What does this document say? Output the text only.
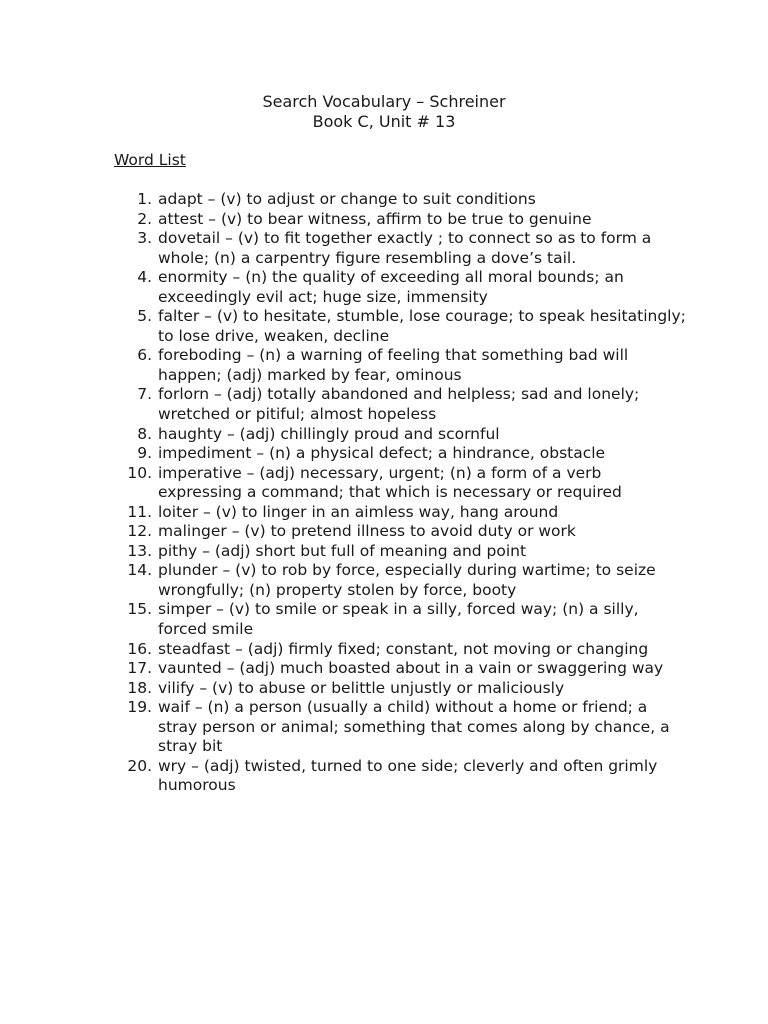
Search Vocabulary – Schreiner
Book C, Unit # 13
Word List
1. adapt – (v) to adjust or change to suit conditions
2. attest – (v) to bear witness, affirm to be true to genuine
3. dovetail – (v) to fit together exactly ; to connect so as to form a whole; (n) a carpentry figure resembling a dove’s tail.
4. enormity – (n) the quality of exceeding all moral bounds; an exceedingly evil act; huge size, immensity
5. falter – (v) to hesitate, stumble, lose courage; to speak hesitatingly; to lose drive, weaken, decline
6. foreboding – (n) a warning of feeling that something bad will happen; (adj) marked by fear, ominous
7. forlorn – (adj) totally abandoned and helpless; sad and lonely; wretched or pitiful; almost hopeless
8. haughty – (adj) chillingly proud and scornful
9. impediment – (n) a physical defect; a hindrance, obstacle
10. imperative – (adj) necessary, urgent; (n) a form of a verb expressing a command; that which is necessary or required
11. loiter – (v) to linger in an aimless way, hang around
12. malinger – (v) to pretend illness to avoid duty or work
13. pithy – (adj) short but full of meaning and point
14. plunder – (v) to rob by force, especially during wartime; to seize wrongfully; (n) property stolen by force, booty
15. simper – (v) to smile or speak in a silly, forced way; (n) a silly, forced smile
16. steadfast – (adj) firmly fixed; constant, not moving or changing
17. vaunted – (adj) much boasted about in a vain or swaggering way
18. vilify – (v) to abuse or belittle unjustly or maliciously
19. waif – (n) a person (usually a child) without a home or friend; a stray person or animal; something that comes along by chance, a stray bit
20. wry – (adj) twisted, turned to one side; cleverly and often grimly humorous
